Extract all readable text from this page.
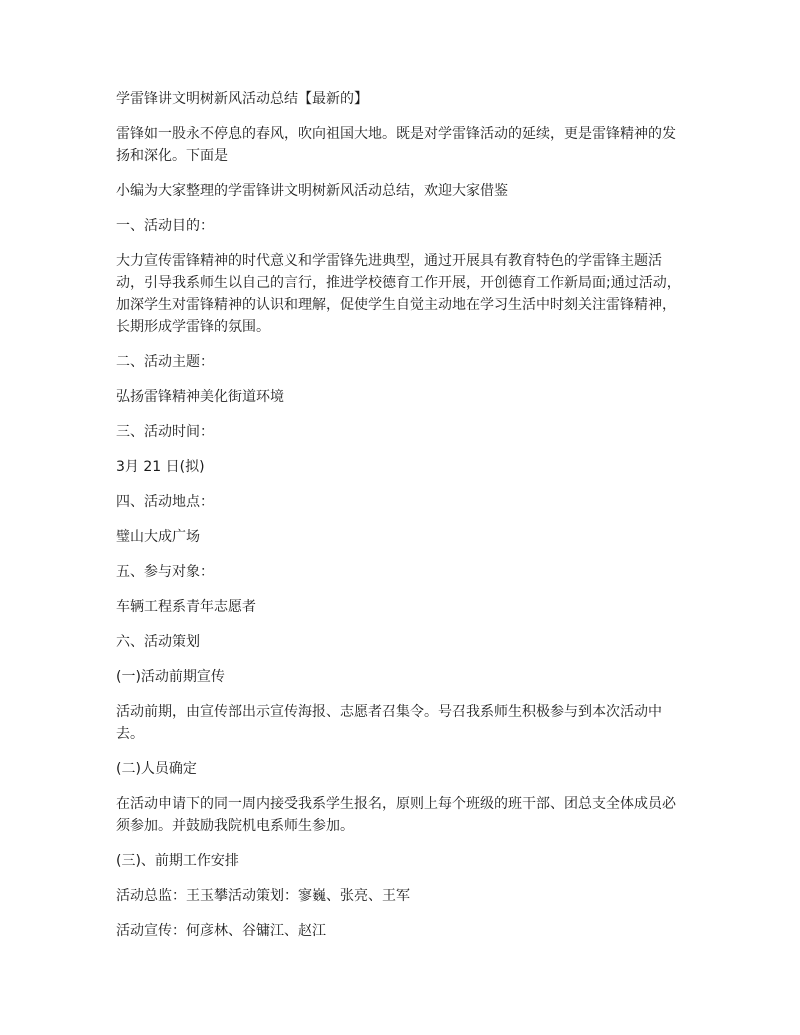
学雷锋讲文明树新风活动总结【最新的】

雷锋如一股永不停息的春风，吹向祖国大地。既是对学雷锋活动的延续，更是雷锋精神的发扬和深化。下面是

小编为大家整理的学雷锋讲文明树新风活动总结，欢迎大家借鉴

一、活动目的：

大力宣传雷锋精神的时代意义和学雷锋先进典型，通过开展具有教育特色的学雷锋主题活动，引导我系师生以自己的言行，推进学校德育工作开展，开创德育工作新局面;通过活动，加深学生对雷锋精神的认识和理解，促使学生自觉主动地在学习生活中时刻关注雷锋精神，长期形成学雷锋的氛围。

二、活动主题：

弘扬雷锋精神美化街道环境

三、活动时间：

3月 21 日(拟)

四、活动地点：

璧山大成广场

五、参与对象：

车辆工程系青年志愿者

六、活动策划

(一)活动前期宣传

活动前期，由宣传部出示宣传海报、志愿者召集令。号召我系师生积极参与到本次活动中去。

(二)人员确定

在活动申请下的同一周内接受我系学生报名，原则上每个班级的班干部、团总支全体成员必须参加。并鼓励我院机电系师生参加。

(三)、前期工作安排

活动总监：王玉攀活动策划：寥巍、张亮、王军

活动宣传：何彦林、谷镛江、赵江
